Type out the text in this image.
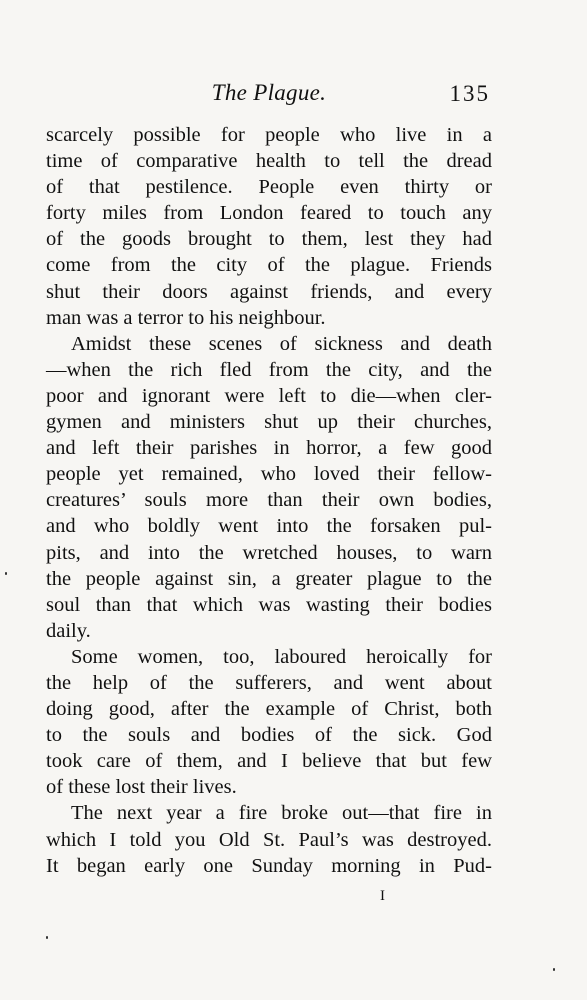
The Plague.	135
scarcely possible for people who live in a
time of comparative health to tell the dread
of that pestilence. People even thirty or
forty miles from London feared to touch any
of the goods brought to them, lest they had
come from the city of the plague. Friends
shut their doors against friends, and every
man was a terror to his neighbour.
Amidst these scenes of sickness and death
—when the rich fled from the city, and the
poor and ignorant were left to die—when cler-
gymen and ministers shut up their churches,
and left their parishes in horror, a few good
people yet remained, who loved their fellow-
creatures’ souls more than their own bodies,
and who boldly went into the forsaken pul-
pits, and into the wretched houses, to warn
the people against sin, a greater plague to the
soul than that which was wasting their bodies
daily.
Some women, too, laboured heroically for
the help of the sufferers, and went about
doing good, after the example of Christ, both
to the souls and bodies of the sick. God
took care of them, and I believe that but few
of these lost their lives.
The next year a fire broke out—that fire in
which I told you Old St. Paul’s was destroyed.
It began early one Sunday morning in Pud-
I
